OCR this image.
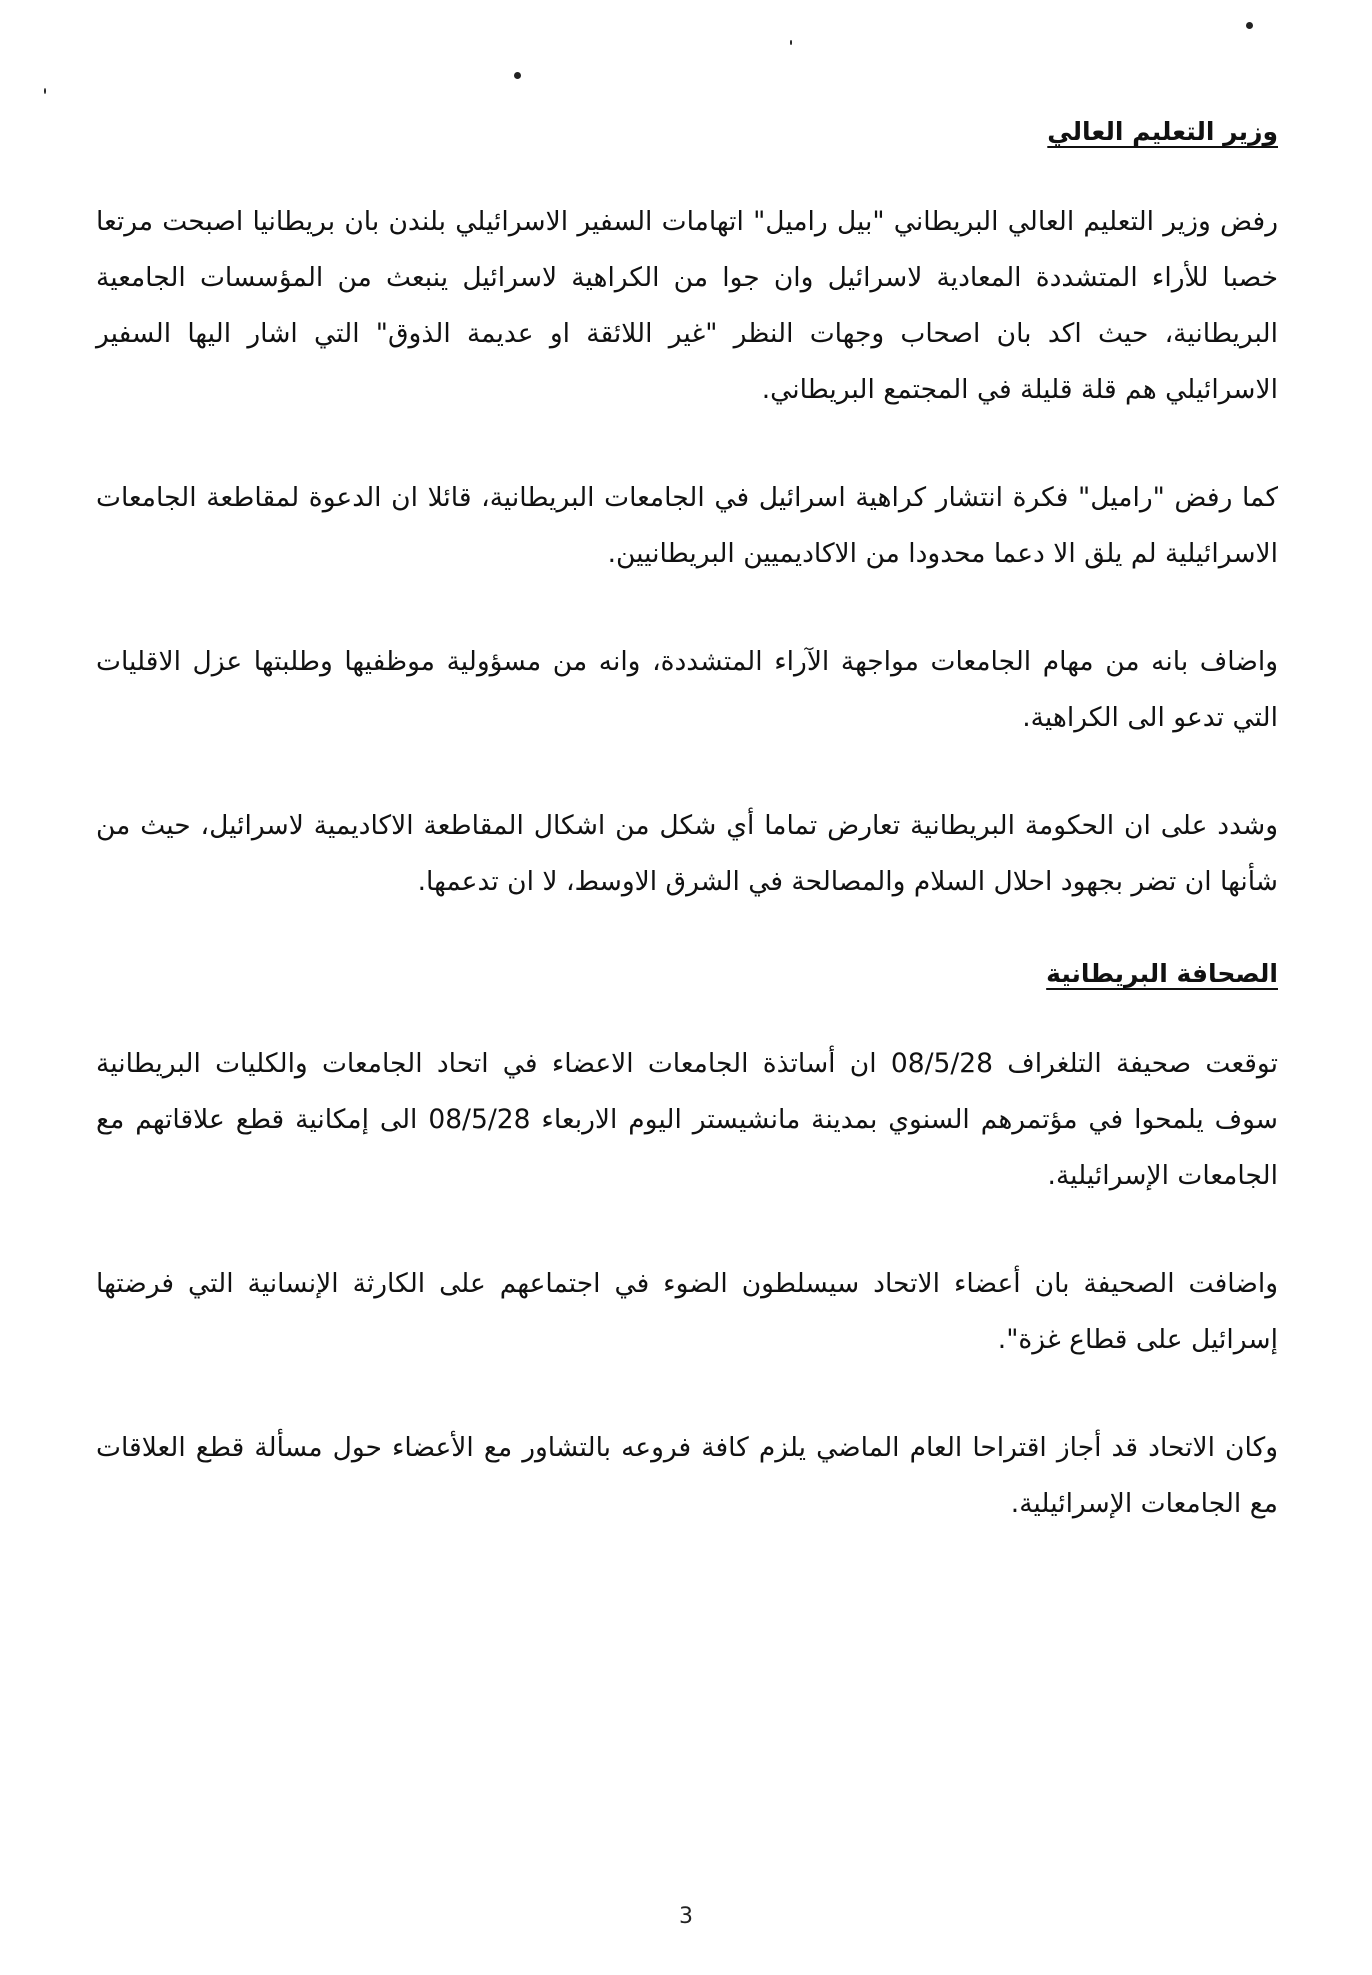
وزير التعليم العالي

رفض وزير التعليم العالي البريطاني "بيل راميل" اتهامات السفير الاسرائيلي بلندن بان بريطانيا اصبحت مرتعا خصبا للأراء المتشددة المعادية لاسرائيل وان جوا من الكراهية لاسرائيل ينبعث من المؤسسات الجامعية البريطانية، حيث اكد بان اصحاب وجهات النظر "غير اللائقة او عديمة الذوق" التي اشار اليها السفير الاسرائيلي هم قلة قليلة في المجتمع البريطاني.

كما رفض "راميل" فكرة انتشار كراهية اسرائيل في الجامعات البريطانية، قائلا ان الدعوة لمقاطعة الجامعات الاسرائيلية لم يلق الا دعما محدودا من الاكاديميين البريطانيين.

واضاف بانه من مهام الجامعات مواجهة الآراء المتشددة، وانه من مسؤولية موظفيها وطلبتها عزل الاقليات التي تدعو الى الكراهية.

وشدد على ان الحكومة البريطانية تعارض تماما أي شكل من اشكال المقاطعة الاكاديمية لاسرائيل، حيث من شأنها ان تضر بجهود احلال السلام والمصالحة في الشرق الاوسط، لا ان تدعمها.

الصحافة البريطانية

توقعت صحيفة التلغراف 08/5/28 ان أساتذة الجامعات الاعضاء في اتحاد الجامعات والكليات البريطانية سوف يلمحوا في مؤتمرهم السنوي بمدينة مانشيستر اليوم الاربعاء 08/5/28 الى إمكانية قطع علاقاتهم مع الجامعات الإسرائيلية.

واضافت الصحيفة بان أعضاء الاتحاد سيسلطون الضوء في اجتماعهم على الكارثة الإنسانية التي فرضتها إسرائيل على قطاع غزة".

وكان الاتحاد قد أجاز اقتراحا العام الماضي يلزم كافة فروعه بالتشاور مع الأعضاء حول مسألة قطع العلاقات مع الجامعات الإسرائيلية.

3
